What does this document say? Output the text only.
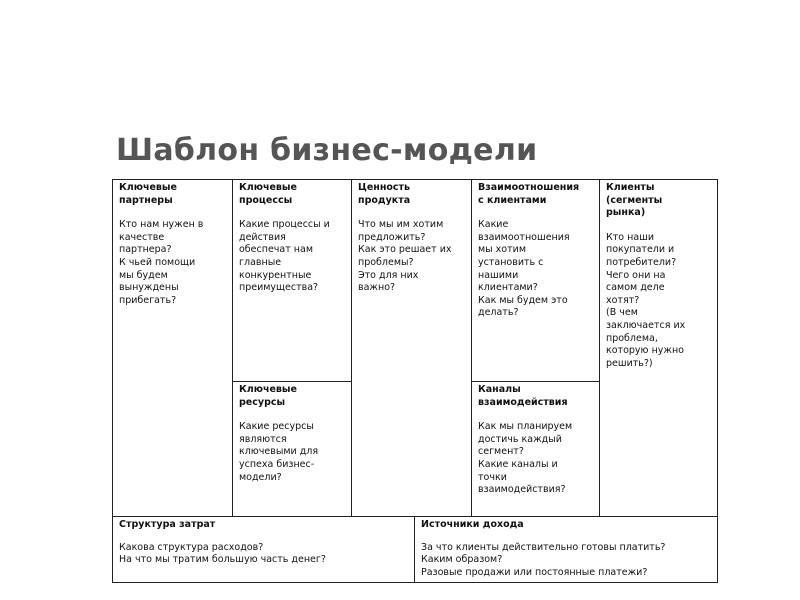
Шаблон бизнес-модели
Ключевые
партнеры
Кто нам нужен в
качестве
партнера?
К чьей помощи
мы будем
вынуждены
прибегать?
Ключевые
процессы
Какие процессы и
действия
обеспечат нам
главные
конкурентные
преимущества?
Ключевые
ресурсы
Какие ресурсы
являются
ключевыми для
успеха бизнес-
модели?
Ценность
продукта
Что мы им хотим
предложить?
Как это решает их
проблемы?
Это для них
важно?
Взаимоотношения
с клиентами
Какие
взаимоотношения
мы хотим
установить с
нашими
клиентами?
Как мы будем это
делать?
Каналы
взаимодействия
Как мы планируем
достичь каждый
сегмент?
Какие каналы и
точки
взаимодействия?
Клиенты
(сегменты
рынка)
Кто наши
покупатели и
потребители?
Чего они на
самом деле
хотят?
(В чем
заключается их
проблема,
которую нужно
решить?)
Структура затрат
Какова структура расходов?
На что мы тратим большую часть денег?
Источники дохода
За что клиенты действительно готовы платить?
Каким образом?
Разовые продажи или постоянные платежи?
